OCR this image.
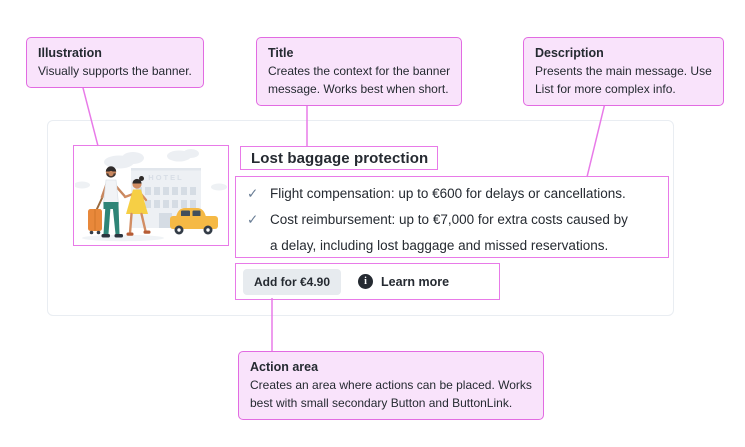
Illustration
Visually supports the banner.
Title
Creates the context for the banner
message. Works best when short.
Description
Presents the main message. Use
List for more complex info.
Action area
Creates an area where actions can be placed. Works
best with small secondary Button and ButtonLink.
HOTEL
Lost baggage protection
✓ Flight compensation: up to €600 for delays or cancellations.
✓ Cost reimbursement: up to €7,000 for extra costs caused by
a delay, including lost baggage and missed reservations.
Add for €4.90	i	Learn more
